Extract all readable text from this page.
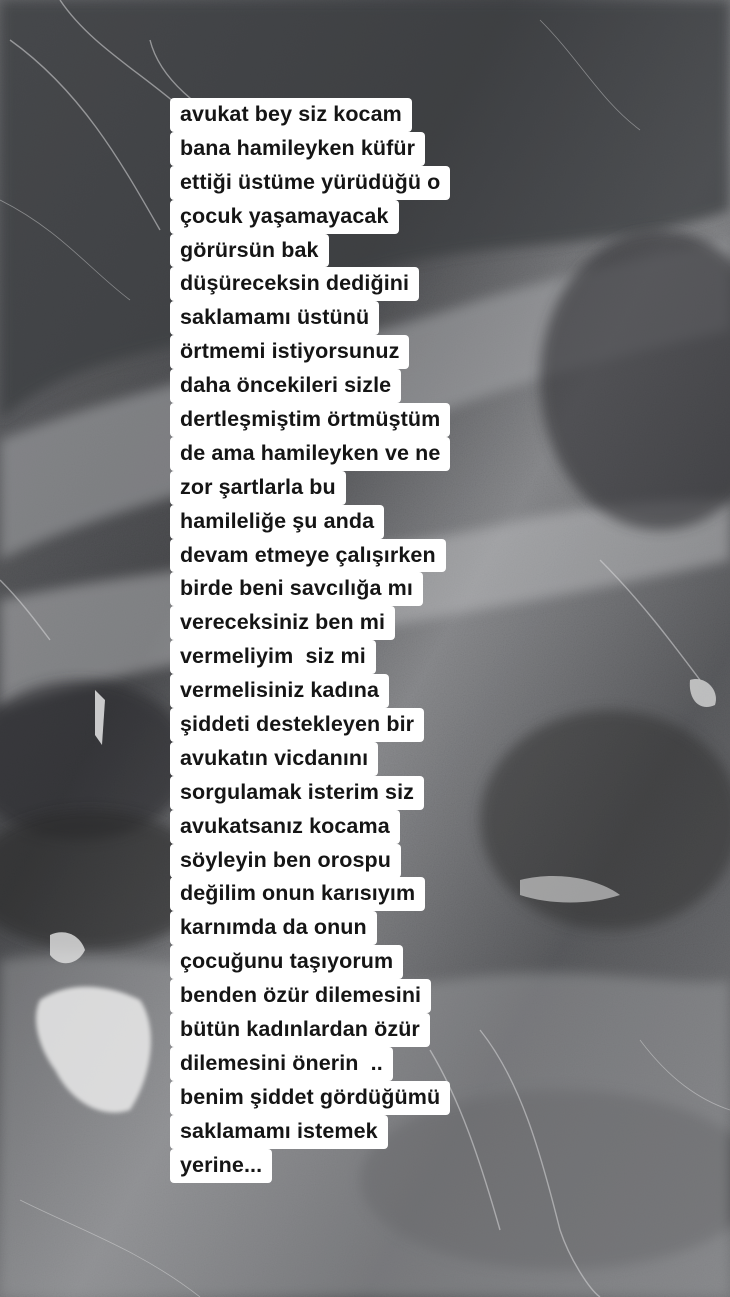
avukat bey siz kocam
bana hamileyken küfür
ettiği üstüme yürüdüğü o
çocuk yaşamayacak
görürsün bak
düşüreceksin dediğini
saklamamı üstünü
örtmemi istiyorsunuz
daha öncekileri sizle
dertleşmiştim örtmüştüm
de ama hamileyken ve ne
zor şartlarla bu
hamileliğe şu anda
devam etmeye çalışırken
birde beni savcılığa mı
vereceksiniz ben mi
vermeliyim  siz mi
vermelisiniz kadına
şiddeti destekleyen bir
avukatın vicdanını
sorgulamak isterim siz
avukatsanız kocama
söyleyin ben orospu
değilim onun karısıyım
karnımda da onun
çocuğunu taşıyorum
benden özür dilemesini
bütün kadınlardan özür
dilemesini önerin  ..
benim şiddet gördüğümü
saklamamı istemek
yerine...
